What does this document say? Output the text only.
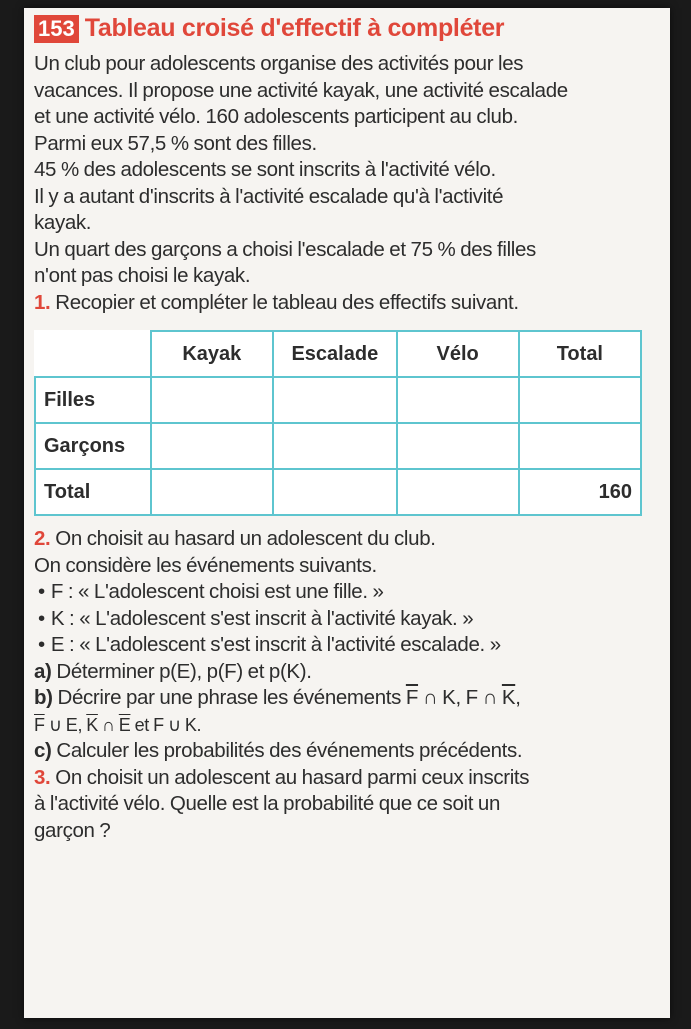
153 Tableau croisé d'effectif à compléter

Un club pour adolescents organise des activités pour les

vacances. Il propose une activité kayak, une activité escalade

et une activité vélo. 160 adolescents participent au club.

Parmi eux 57,5 % sont des filles.

45 % des adolescents se sont inscrits à l'activité vélo.

Il y a autant d'inscrits à l'activité escalade qu'à l'activité

kayak.

Un quart des garçons a choisi l'escalade et 75 % des filles

n'ont pas choisi le kayak.

1. Recopier et compléter le tableau des effectifs suivant.

	Kayak	Escalade	Vélo	Total
Filles				
Garçons				
Total				160

2. On choisit au hasard un adolescent du club.

On considère les événements suivants.

• F : « L'adolescent choisi est une fille. »

• K : « L'adolescent s'est inscrit à l'activité kayak. »

• E : « L'adolescent s'est inscrit à l'activité escalade. »

a) Déterminer p(E), p(F) et p(K).

b) Décrire par une phrase les événements $\overline{F}$ ∩ K, F ∩ $\overline{K}$,
$\overline{F}$ ∪ E, $\overline{K}$ ∩ $\overline{E}$ et F ∪ K.

c) Calculer les probabilités des événements précédents.

3. On choisit un adolescent au hasard parmi ceux inscrits

à l'activité vélo. Quelle est la probabilité que ce soit un

garçon ?
